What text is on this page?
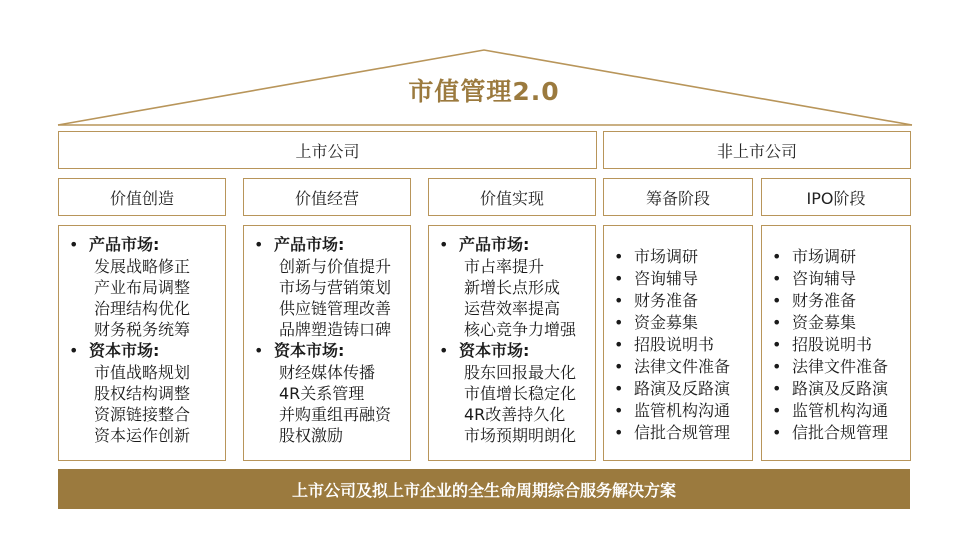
市值管理2.0
上市公司	非上市公司
价值创造	价值经营	价值实现	筹备阶段	IPO阶段
• 产品市场:
发展战略修正
产业布局调整
治理结构优化
财务税务统筹
• 资本市场:
市值战略规划
股权结构调整
资源链接整合
资本运作创新
• 产品市场:
创新与价值提升
市场与营销策划
供应链管理改善
品牌塑造铸口碑
• 资本市场:
财经媒体传播
4R关系管理
并购重组再融资
股权激励
• 产品市场:
市占率提升
新增长点形成
运营效率提高
核心竞争力增强
• 资本市场:
股东回报最大化
市值增长稳定化
4R改善持久化
市场预期明朗化
• 市场调研
• 咨询辅导
• 财务准备
• 资金募集
• 招股说明书
• 法律文件准备
• 路演及反路演
• 监管机构沟通
• 信批合规管理
• 市场调研
• 咨询辅导
• 财务准备
• 资金募集
• 招股说明书
• 法律文件准备
• 路演及反路演
• 监管机构沟通
• 信批合规管理
上市公司及拟上市企业的全生命周期综合服务解决方案
